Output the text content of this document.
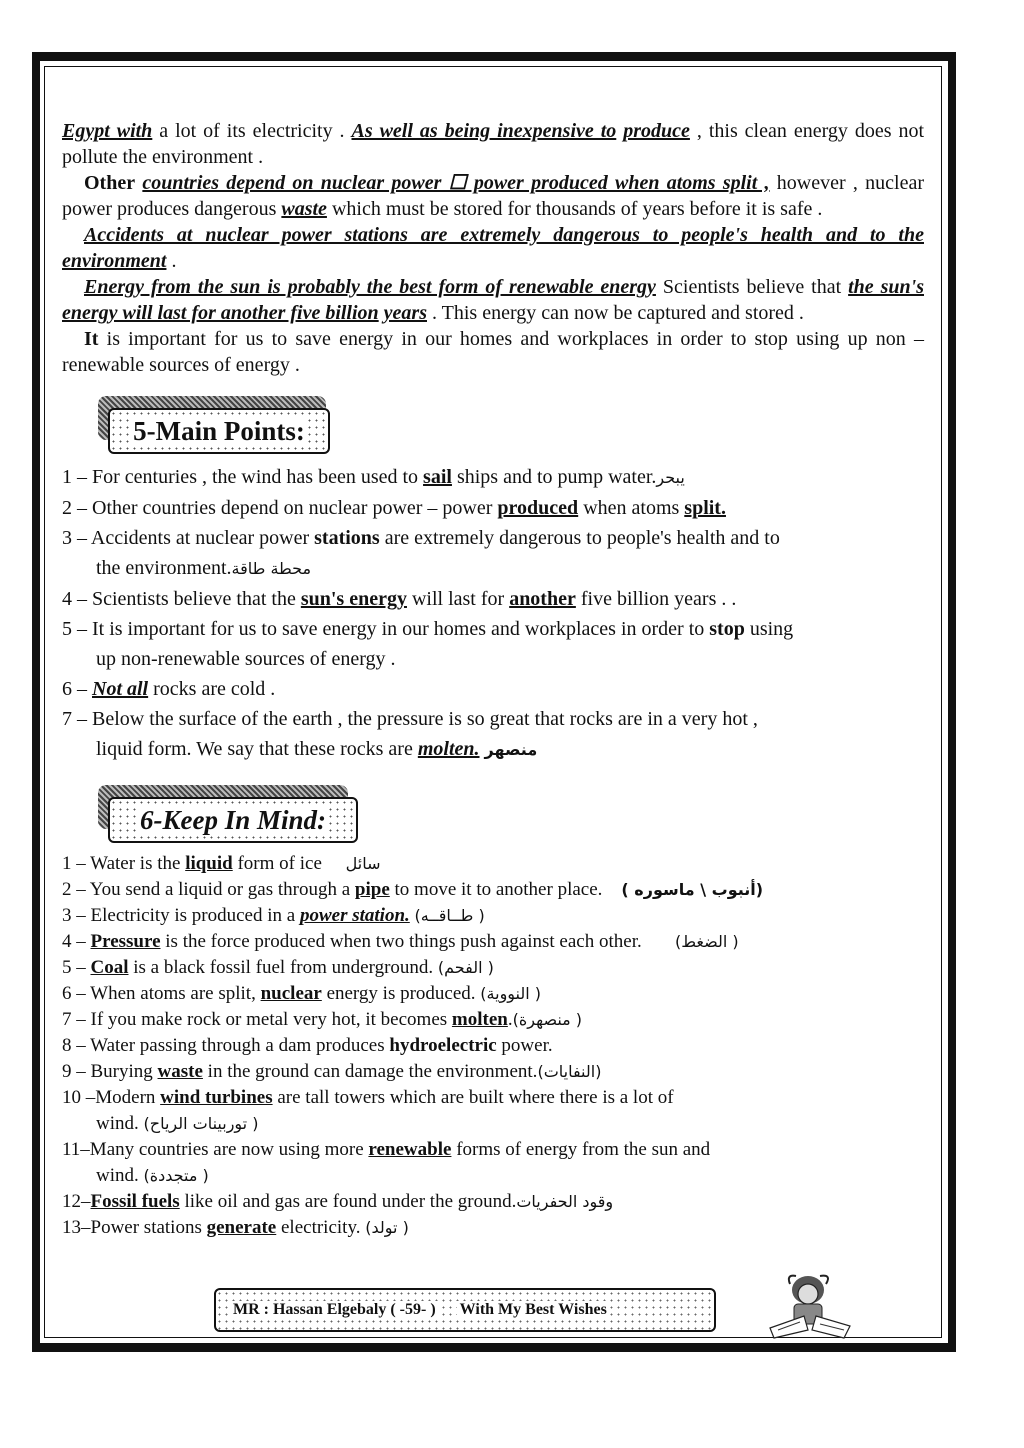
Egypt with a lot of its electricity . As well as being inexpensive to produce , this clean energy does not pollute the environment .

Other countries depend on nuclear power ☐ power produced when atoms split , however , nuclear power produces dangerous waste which must be stored for thousands of years before it is safe .

Accidents at nuclear power stations are extremely dangerous to people's health and to the environment .

Energy from the sun is probably the best form of renewable energy Scientists believe that the sun's energy will last for another five billion years . This energy can now be captured and stored .

It is important for us to save energy in our homes and workplaces in order to stop using up non – renewable sources of energy .

5-Main Points:
1 – For centuries , the wind has been used to sail ships and to pump water.يبحر
2 – Other countries depend on nuclear power – power produced when atoms split.
3 – Accidents at nuclear power stations are extremely dangerous to people's health and to
the environment.محطة طاقة
4 – Scientists believe that the sun's energy will last for another five billion years . .
5 – It is important for us to save energy in our homes and workplaces in order to stop using
up non-renewable sources of energy .
6 – Not all rocks are cold .
7 – Below the surface of the earth , the pressure is so great that rocks are in a very hot ,
liquid form. We say that these rocks are molten. منصهر
6-Keep In Mind:
1 – Water is the liquid form of ice سائل
2 – You send a liquid or gas through a pipe to move it to another place. ( أنبوب \ ماسوره)
3 – Electricity is produced in a power station. (طــاقــه )
4 – Pressure is the force produced when two things push against each other. (الضغط )
5 – Coal is a black fossil fuel from underground. (الفحم )
6 – When atoms are split, nuclear energy is produced. (النووية )
7 – If you make rock or metal very hot, it becomes molten.(منصهرة )
8 – Water passing through a dam produces hydroelectric power.
9 – Burying waste in the ground can damage the environment.(النفايات)
10 –Modern wind turbines are tall towers which are built where there is a lot of
wind. (توربينات الرياح )
11–Many countries are now using more renewable forms of energy from the sun and
wind. (متجددة )
12–Fossil fuels like oil and gas are found under the ground.وقود الحفريات
13–Power stations generate electricity. (تولد )
MR : Hassan Elgebaly ( -59- ) With My Best Wishes
